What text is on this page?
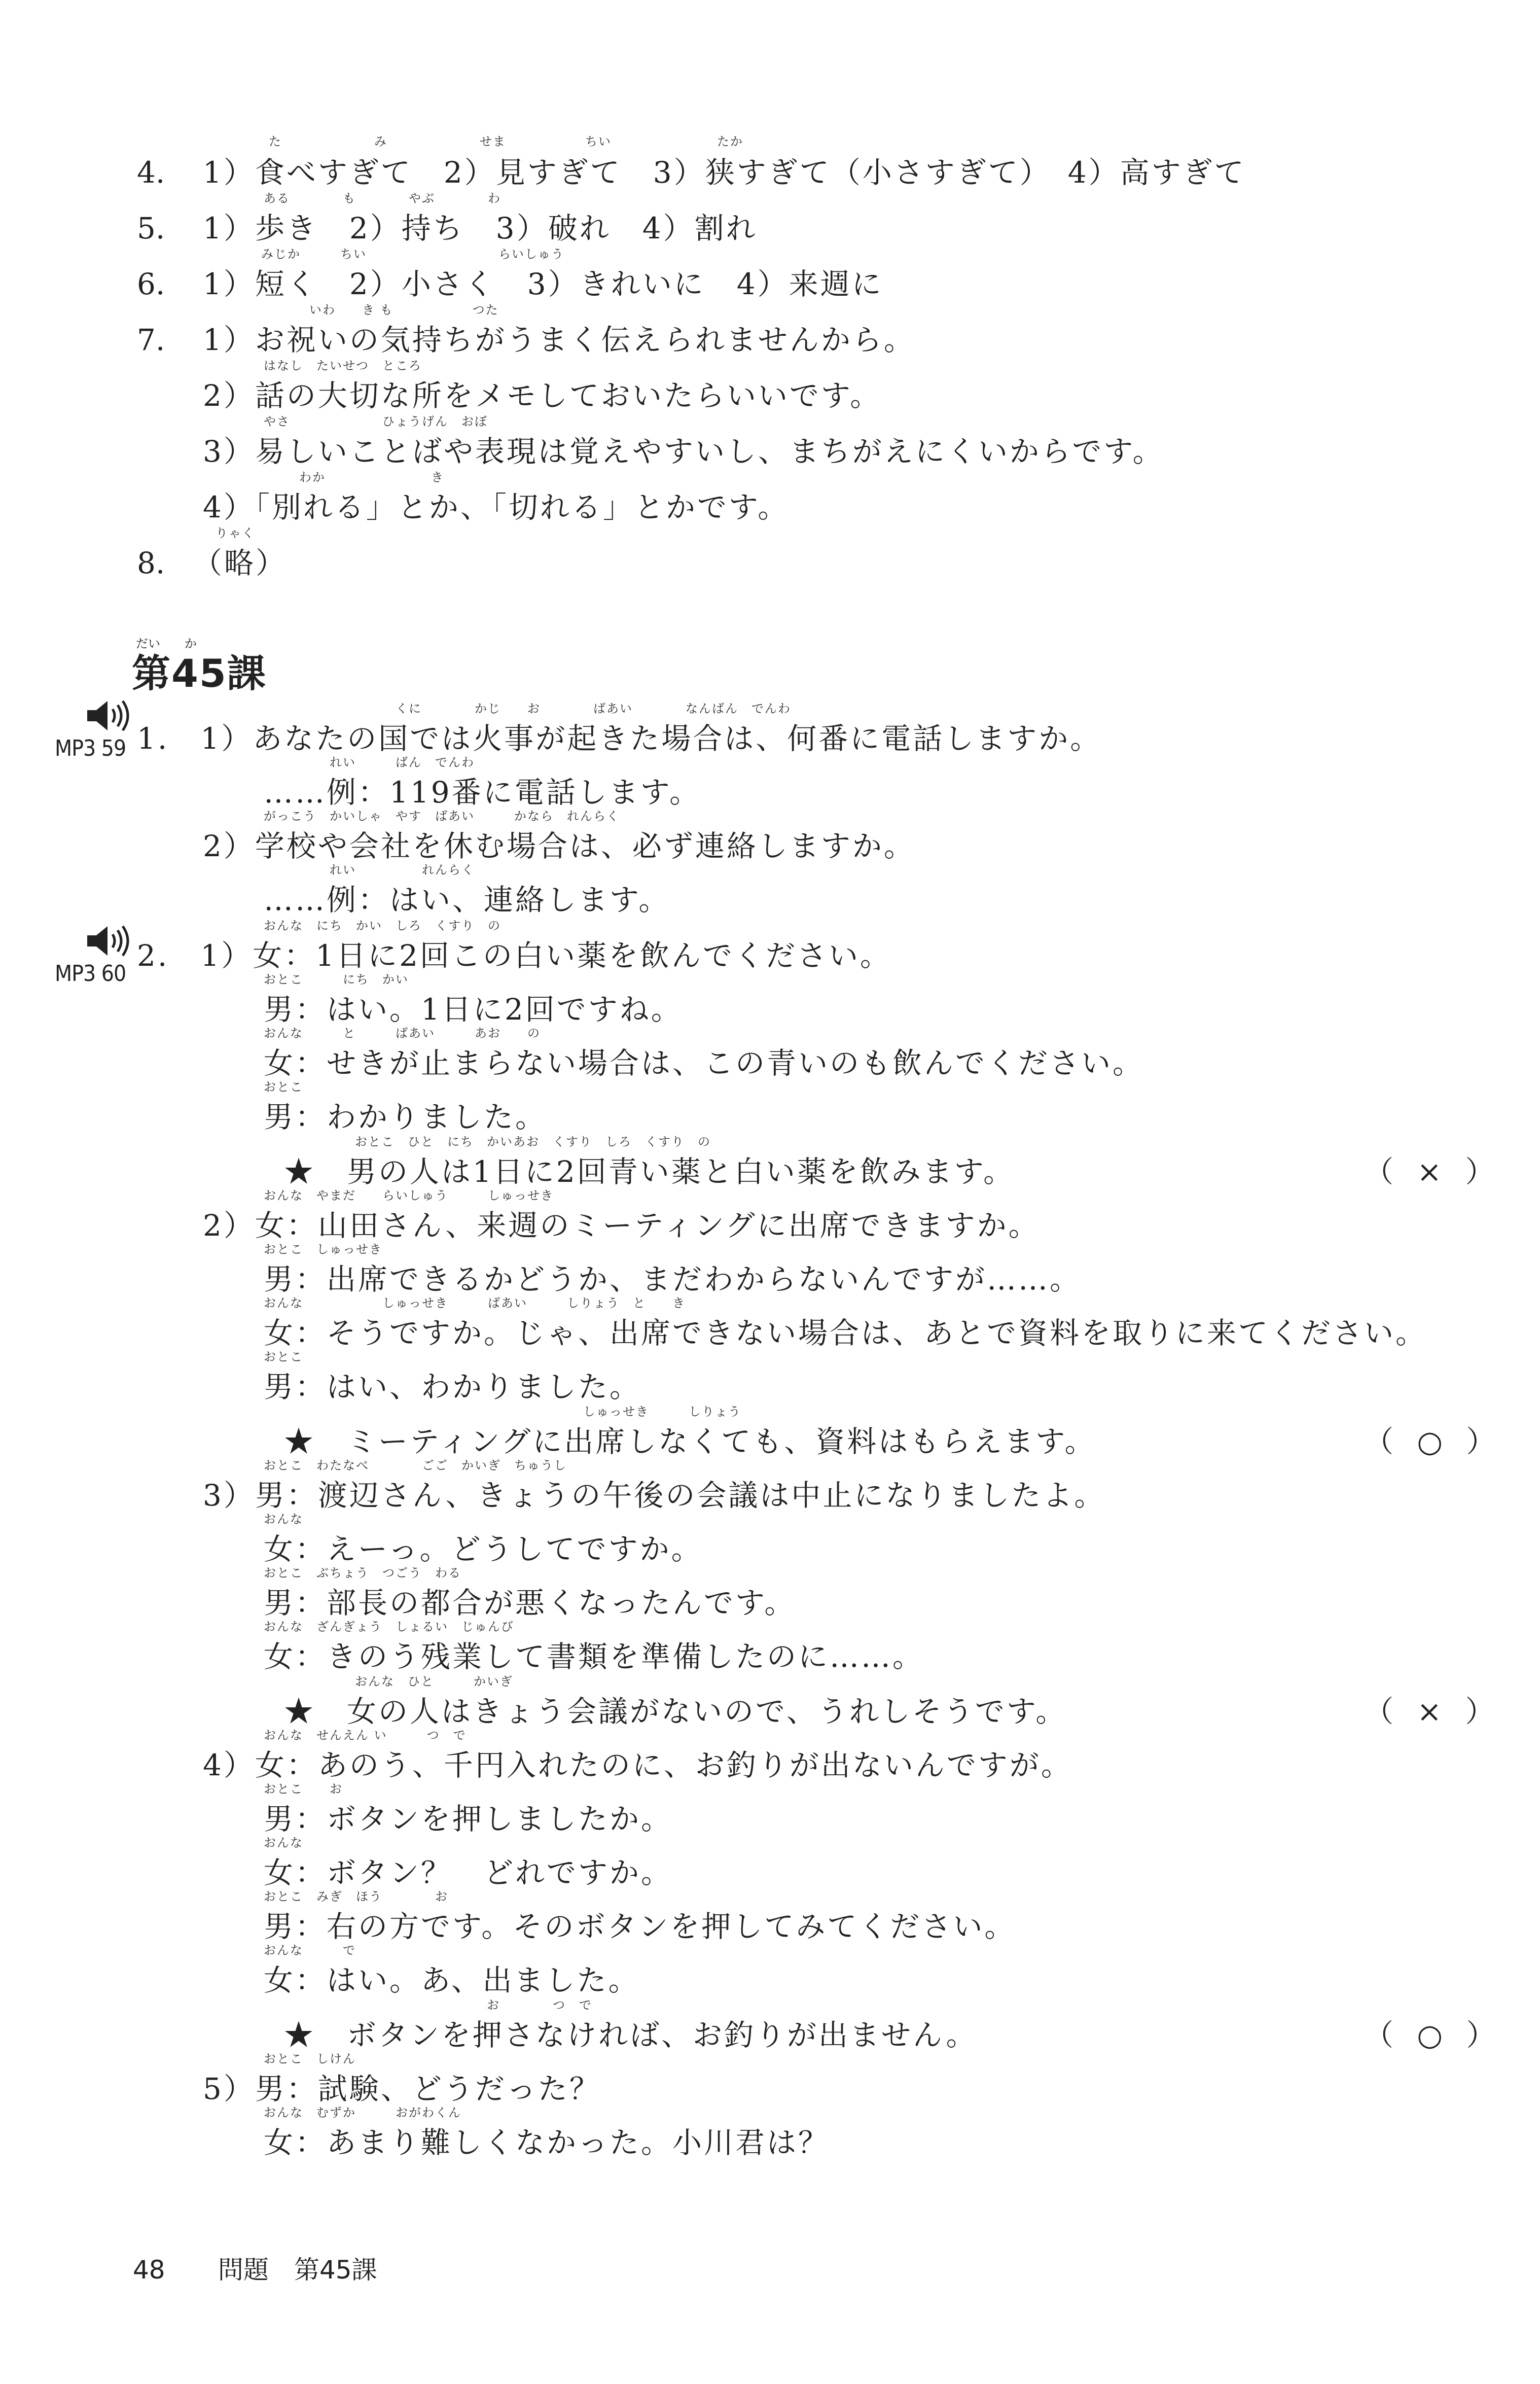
た　　　　　　　み　　　　　　　せま　　　　　　ちい　　　　　　　　たか
4. 1）食べすぎて　2）見すぎて　3）狭すぎて（小さすぎて）　4）高すぎて
ある　　　　も　　　　やぶ　　　　わ
5. 1）歩き　2）持ち　3）破れ　4）割れ
みじか　　　ちい　　　　　　　　　　らいしゅう
6. 1）短く　2）小さく　3）きれいに　4）来週に
いわ　　き も　　　　　　つた
7. 1）お祝いの気持ちがうまく伝えられませんから。
はなし　たいせつ　ところ
2）話の大切な所をメモしておいたらいいです。
やさ　　　　　　　ひょうげん　おぼ
3）易しいことばや表現は覚えやすいし、まちがえにくいからです。
わか　　　　　　　　き
4）「別れる」とか、「切れる」とかです。
りゃく
8. （略）
だい　　か
第45課
MP3 59
MP3 60
くに　　　　かじ　　お　　　　ばあい　　　　なんばん　でんわ
1.　1）あなたの国では火事が起きた場合は、何番に電話しますか。
れい　　　ばん　でんわ
……例：119番に電話します。
がっこう　かいしゃ　やす　ばあい　　　かなら　れんらく
2）学校や会社を休む場合は、必ず連絡しますか。
れい　　　　　れんらく
……例：はい、連絡します。
おんな　にち　かい　しろ　くすり　の
2.　1）女：1日に2回この白い薬を飲んでください。
おとこ　　　にち　かい
男：はい。1日に2回ですね。
おんな　　　と　　　ばあい　　　あお　　の
女：せきが止まらない場合は、この青いのも飲んでください。
おとこ
男：わかりました。
おとこ　ひと　にち　かいあお　くすり　しろ　くすり　の
★　男の人は1日に2回青い薬と白い薬を飲みます。	（ × ）
おんな　やまだ　　らいしゅう　　　しゅっせき
2）女：山田さん、来週のミーティングに出席できますか。
おとこ　しゅっせき
男：出席できるかどうか、まだわからないんですが……。
おんな　　　　　　しゅっせき　　　ばあい　　　しりょう　と　　き
女：そうですか。じゃ、出席できない場合は、あとで資料を取りに来てください。
おとこ
男：はい、わかりました。
しゅっせき　　　しりょう
★　ミーティングに出席しなくても、資料はもらえます。	（ ○ ）
おとこ　わたなべ　　　　ごご　かいぎ　ちゅうし
3）男：渡辺さん、きょうの午後の会議は中止になりましたよ。
おんな
女：えーっ。どうしてですか。
おとこ　ぶちょう　つごう　わる
男：部長の都合が悪くなったんです。
おんな　ざんぎょう　しょるい　じゅんび
女：きのう残業して書類を準備したのに……。
おんな　ひと　　　かいぎ
★　女の人はきょう会議がないので、うれしそうです。	（ × ）
おんな　せんえん い　　　つ　で
4）女：あのう、千円入れたのに、お釣りが出ないんですが。
おとこ　　お
男：ボタンを押しましたか。
おんな
女：ボタン？　どれですか。
おとこ　みぎ　ほう　　　　お
男：右の方です。そのボタンを押してみてください。
おんな　　　で
女：はい。あ、出ました。
お　　　　つ　で
★　ボタンを押さなければ、お釣りが出ません。	（ ○ ）
おとこ　しけん
5）男：試験、どうだった？
おんな　むずか　　　おがわくん
女：あまり難しくなかった。小川君は？
48 問題　第45課
